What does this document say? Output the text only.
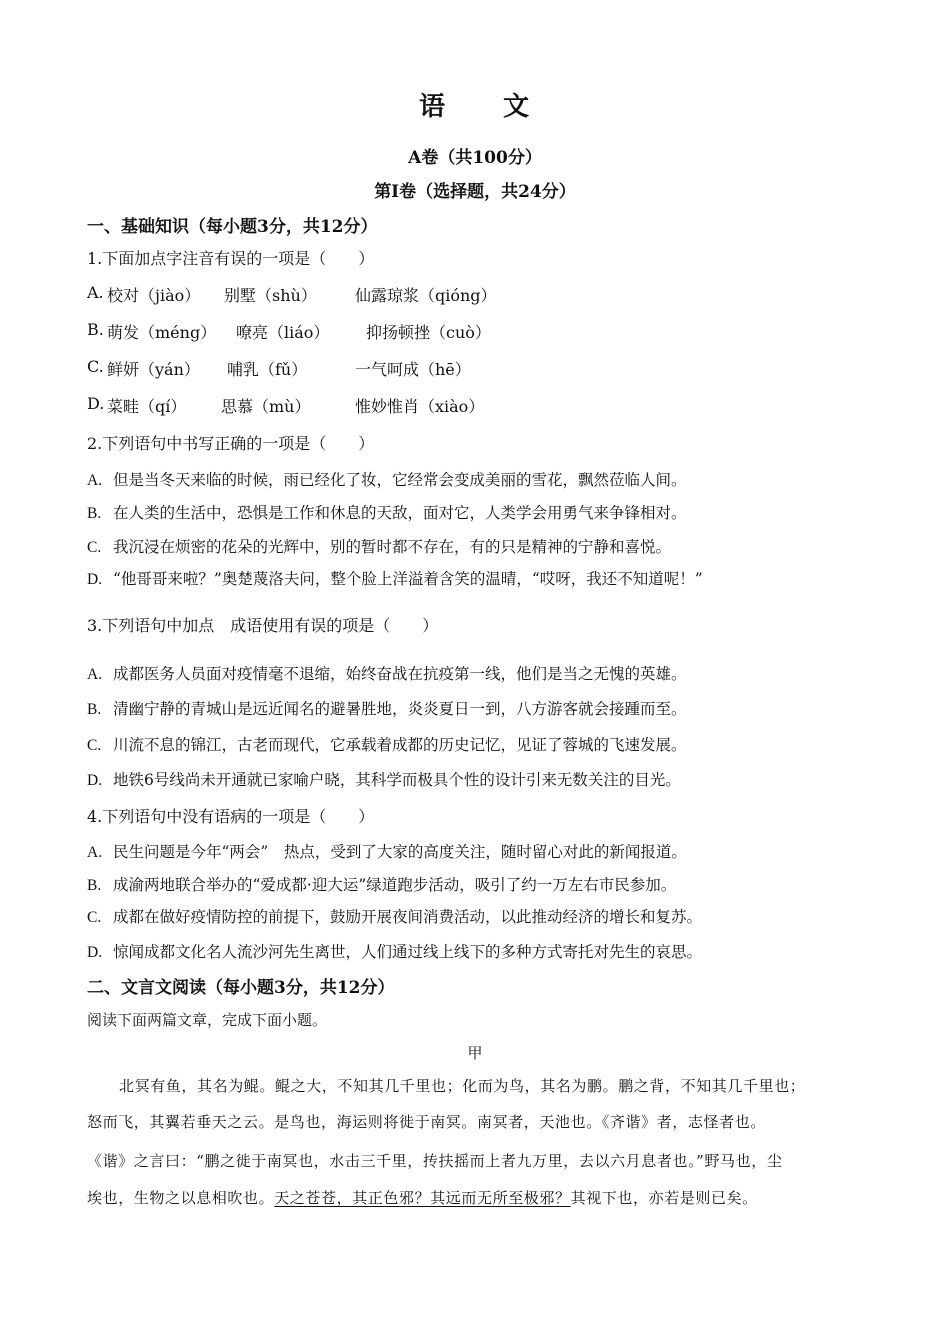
语 文
A卷（共100分）
第Ⅰ卷（选择题，共24分）
一、基础知识（每小题3分，共12分）
1.下面加点字注音有误的一项是（　　）
A. 校对（jiào） 别墅（shù） 仙露琼浆（qióng）
B. 萌发（méng） 嘹亮（liáo） 抑扬顿挫（cuò）
C. 鲜妍（yán） 哺乳（fǔ）	一气呵成（hē）
D. 菜畦（qí） 思慕（mù）	惟妙惟肖（xiào）
2.下列语句中书写正确的一项是（　　）
A. 但是当冬天来临的时候，雨已经化了妆，它经常会变成美丽的雪花，飘然莅临人间。
B. 在人类的生活中，恐惧是工作和休息的天敌，面对它，人类学会用勇气来争锋相对。
C. 我沉浸在烦密的花朵的光辉中，别的暂时都不存在，有的只是精神的宁静和喜悦。
D. “他哥哥来啦？”奥楚蔑洛夫问，整个脸上洋溢着含笑的温晴，“哎呀，我还不知道呢！”
3.下列语句中加点　成语使用有误的项是（　　）
A. 成都医务人员面对疫情毫不退缩，始终奋战在抗疫第一线，他们是当之无愧的英雄。
B. 清幽宁静的青城山是远近闻名的避暑胜地，炎炎夏日一到，八方游客就会接踵而至。
C. 川流不息的锦江，古老而现代，它承载着成都的历史记忆，见证了蓉城的飞速发展。
D. 地铁6号线尚未开通就已家喻户晓，其科学而极具个性的设计引来无数关注的目光。
4.下列语句中没有语病的一项是（　　）
A. 民生问题是今年“两会”　热点，受到了大家的高度关注，随时留心对此的新闻报道。
B. 成渝两地联合举办的“爱成都·迎大运”绿道跑步活动，吸引了约一万左右市民参加。
C. 成都在做好疫情防控的前提下，鼓励开展夜间消费活动，以此推动经济的增长和复苏。
D. 惊闻成都文化名人流沙河先生离世，人们通过线上线下的多种方式寄托对先生的哀思。
二、文言文阅读（每小题3分，共12分）
阅读下面两篇文章，完成下面小题。
甲
北冥有鱼，其名为鲲。鲲之大，不知其几千里也；化而为鸟，其名为鹏。鹏之背，不知其几千里也；
怒而飞，其翼若垂天之云。是鸟也，海运则将徙于南冥。南冥者，天池也。《齐谐》者，志怪者也。
《谐》之言曰：“鹏之徙于南冥也，水击三千里，抟扶摇而上者九万里，去以六月息者也。”野马也，尘
埃也，生物之以息相吹也。天之苍苍，其正色邪？其远而无所至极邪？其视下也，亦若是则已矣。
